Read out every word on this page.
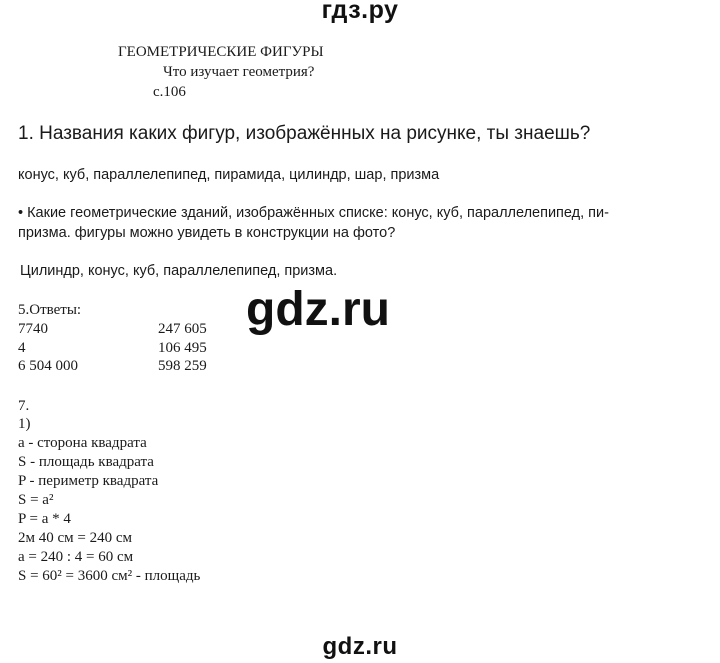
гдз.ру
ГЕОМЕТРИЧЕСКИЕ ФИГУРЫ
Что изучает геометрия?
с.106
1. Названия каких фигур, изображённых на рисунке, ты знаешь?
конус, куб, параллелепипед, пирамида, цилиндр, шар, призма
• Какие геометрические зданий, изображённых списке: конус, куб, параллелепипед, пи-
призма. фигуры можно увидеть в конструкции на фото?
Цилиндр, конус, куб, параллелепипед, призма.
gdz.ru
5.Ответы:
7740	247 605
4	106 495
6 504 000	598 259
7.
1)
a - сторона квадрата
S - площадь квадрата
P - периметр квадрата
S = a²
P = a * 4
2м 40 см = 240 см
a = 240 : 4 = 60 см
S = 60² = 3600 см² - площадь
gdz.ru
